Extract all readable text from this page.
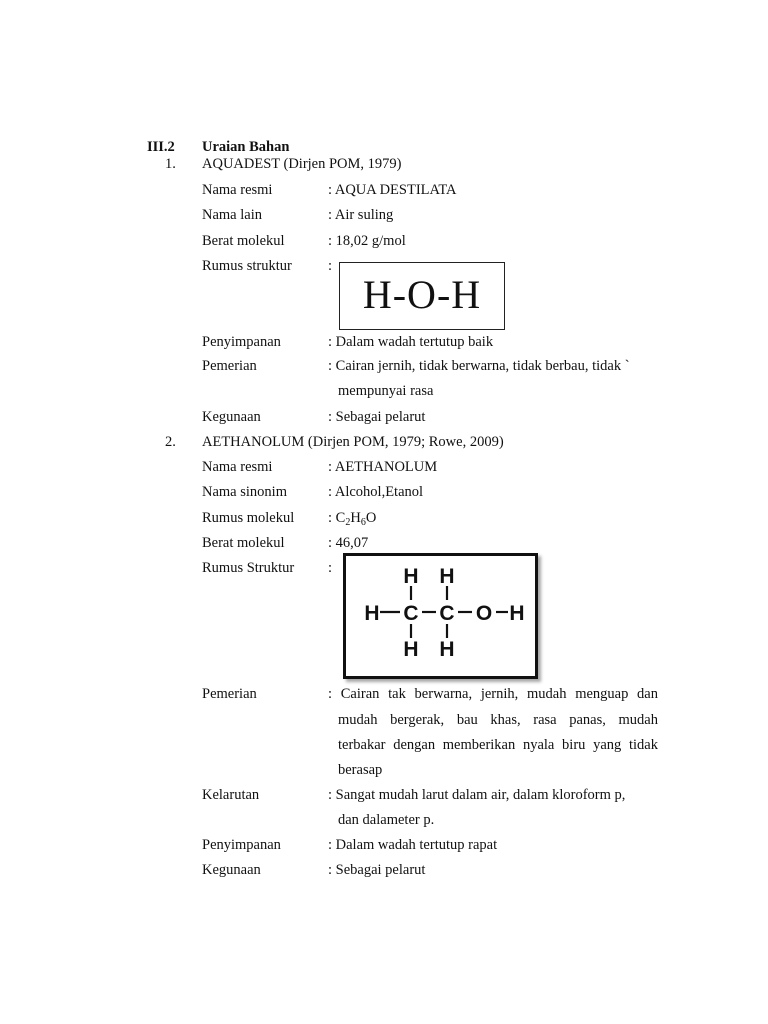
III.2 Uraian Bahan
1. AQUADEST (Dirjen POM, 1979)
Nama resmi	: AQUA DESTILATA
Nama lain	: Air suling
Berat molekul	: 18,02 g/mol
Rumus struktur :
H-O-H
Penyimpanan	: Dalam wadah tertutup baik
Pemerian	: Cairan jernih, tidak berwarna, tidak berbau, tidak `
mempunyai rasa
Kegunaan	: Sebagai pelarut
2. AETHANOLUM (Dirjen POM, 1979; Rowe, 2009)
Nama resmi	: AETHANOLUM
Nama sinonim	: Alcohol,Etanol
Rumus molekul : $C_2H_6O$
Berat molekul	: 46,07
Rumus Struktur :	H H
H C C O H
H H
Pemerian	: Cairan tak berwarna, jernih, mudah menguap dan
mudah bergerak, bau khas, rasa panas, mudah
terbakar dengan memberikan nyala biru yang tidak
berasap
Kelarutan	: Sangat mudah larut dalam air, dalam kloroform p,
dan dalameter p.
Penyimpanan	: Dalam wadah tertutup rapat
Kegunaan	: Sebagai pelarut
